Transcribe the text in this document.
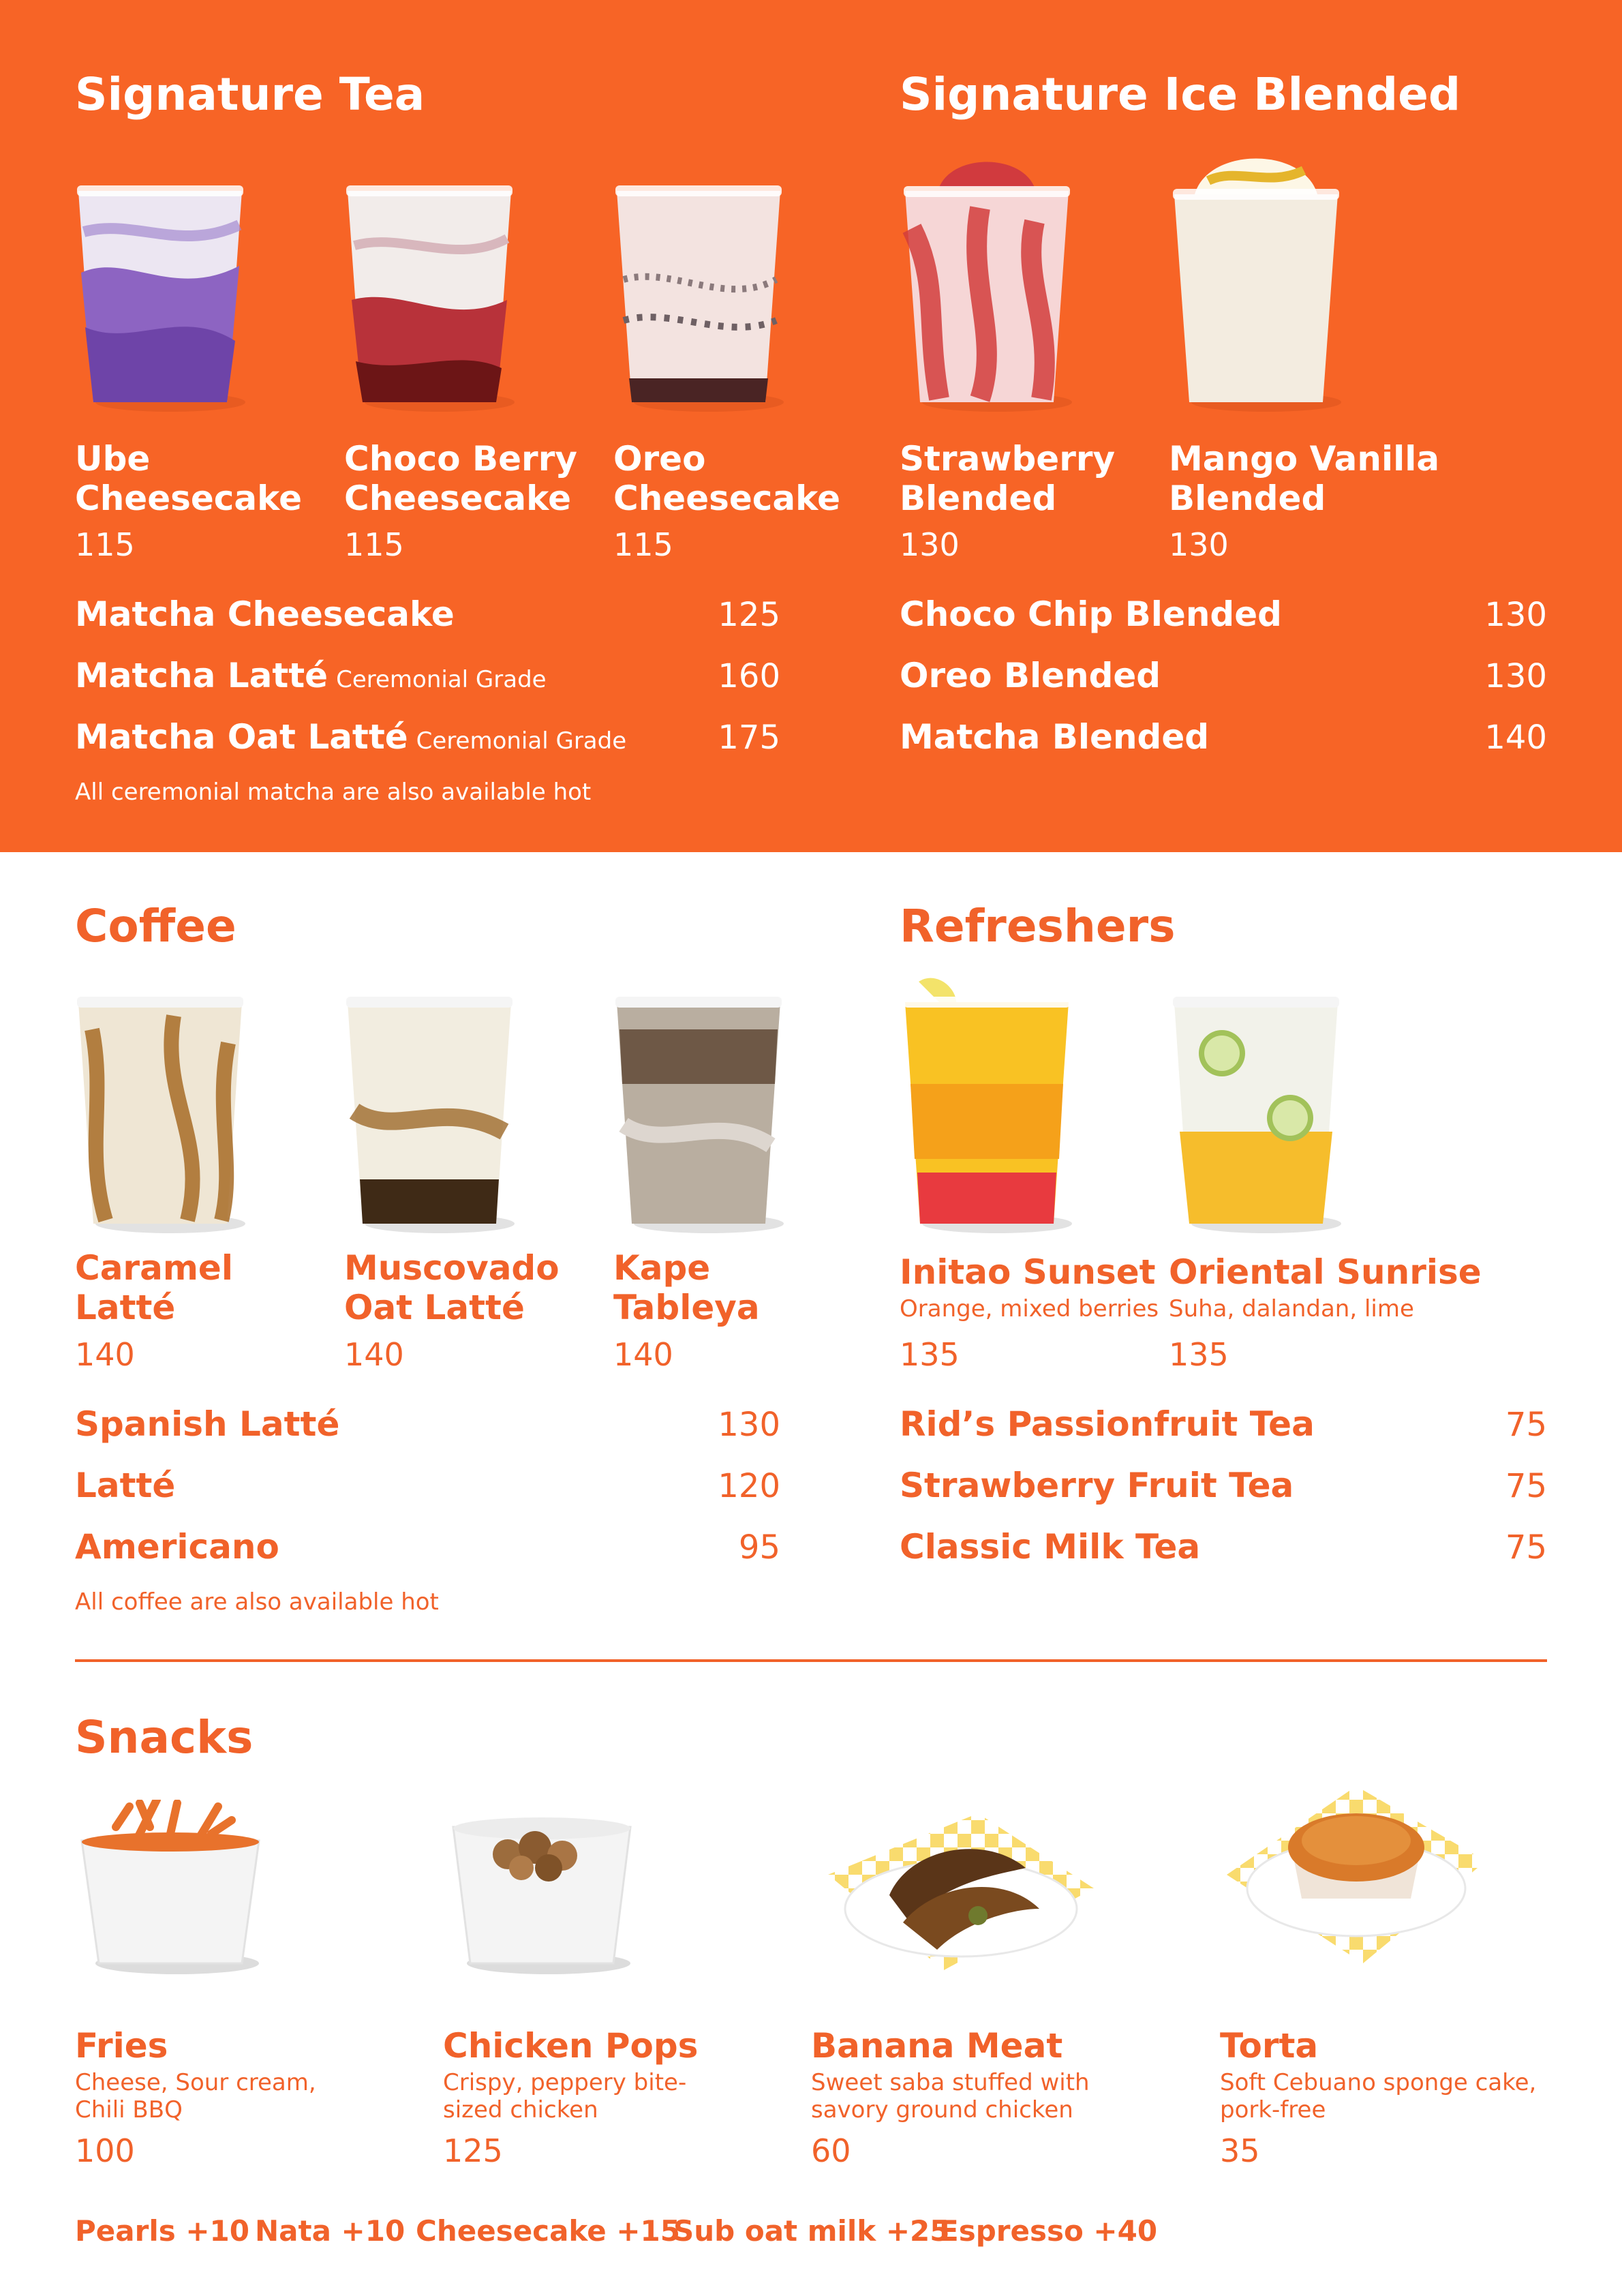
Signature Tea
Ube
Cheesecake
115
Choco Berry
Cheesecake
115
Oreo
Cheesecake
115
Matcha Cheesecake	125
Matcha Latté Ceremonial Grade	160
Matcha Oat Latté Ceremonial Grade	175
All ceremonial matcha are also available hot
Signature Ice Blended
Strawberry
Blended
130
Mango Vanilla
Blended
130
Choco Chip Blended	130
Oreo Blended	130
Matcha Blended	140
Coffee
Caramel
Latté
140
Muscovado
Oat Latté
140
Kape
Tableya
140
Spanish Latté	130
Latté	120
Americano	95
All coffee are also available hot
Refreshers
Initao Sunset
Orange, mixed berries
135
Oriental Sunrise
Suha, dalandan, lime
135
Rid’s Passionfruit Tea	75
Strawberry Fruit Tea	75
Classic Milk Tea	75
Snacks
Fries
Cheese, Sour cream,
Chili BBQ
100
Chicken Pops
Crispy, peppery bite-
sized chicken
125
Banana Meat
Sweet saba stuffed with
savory ground chicken
60
Torta
Soft Cebuano sponge cake,
pork-free
35
Pearls +10 Nata +10 Cheesecake +15
Sub oat milk +25
Espresso +40
